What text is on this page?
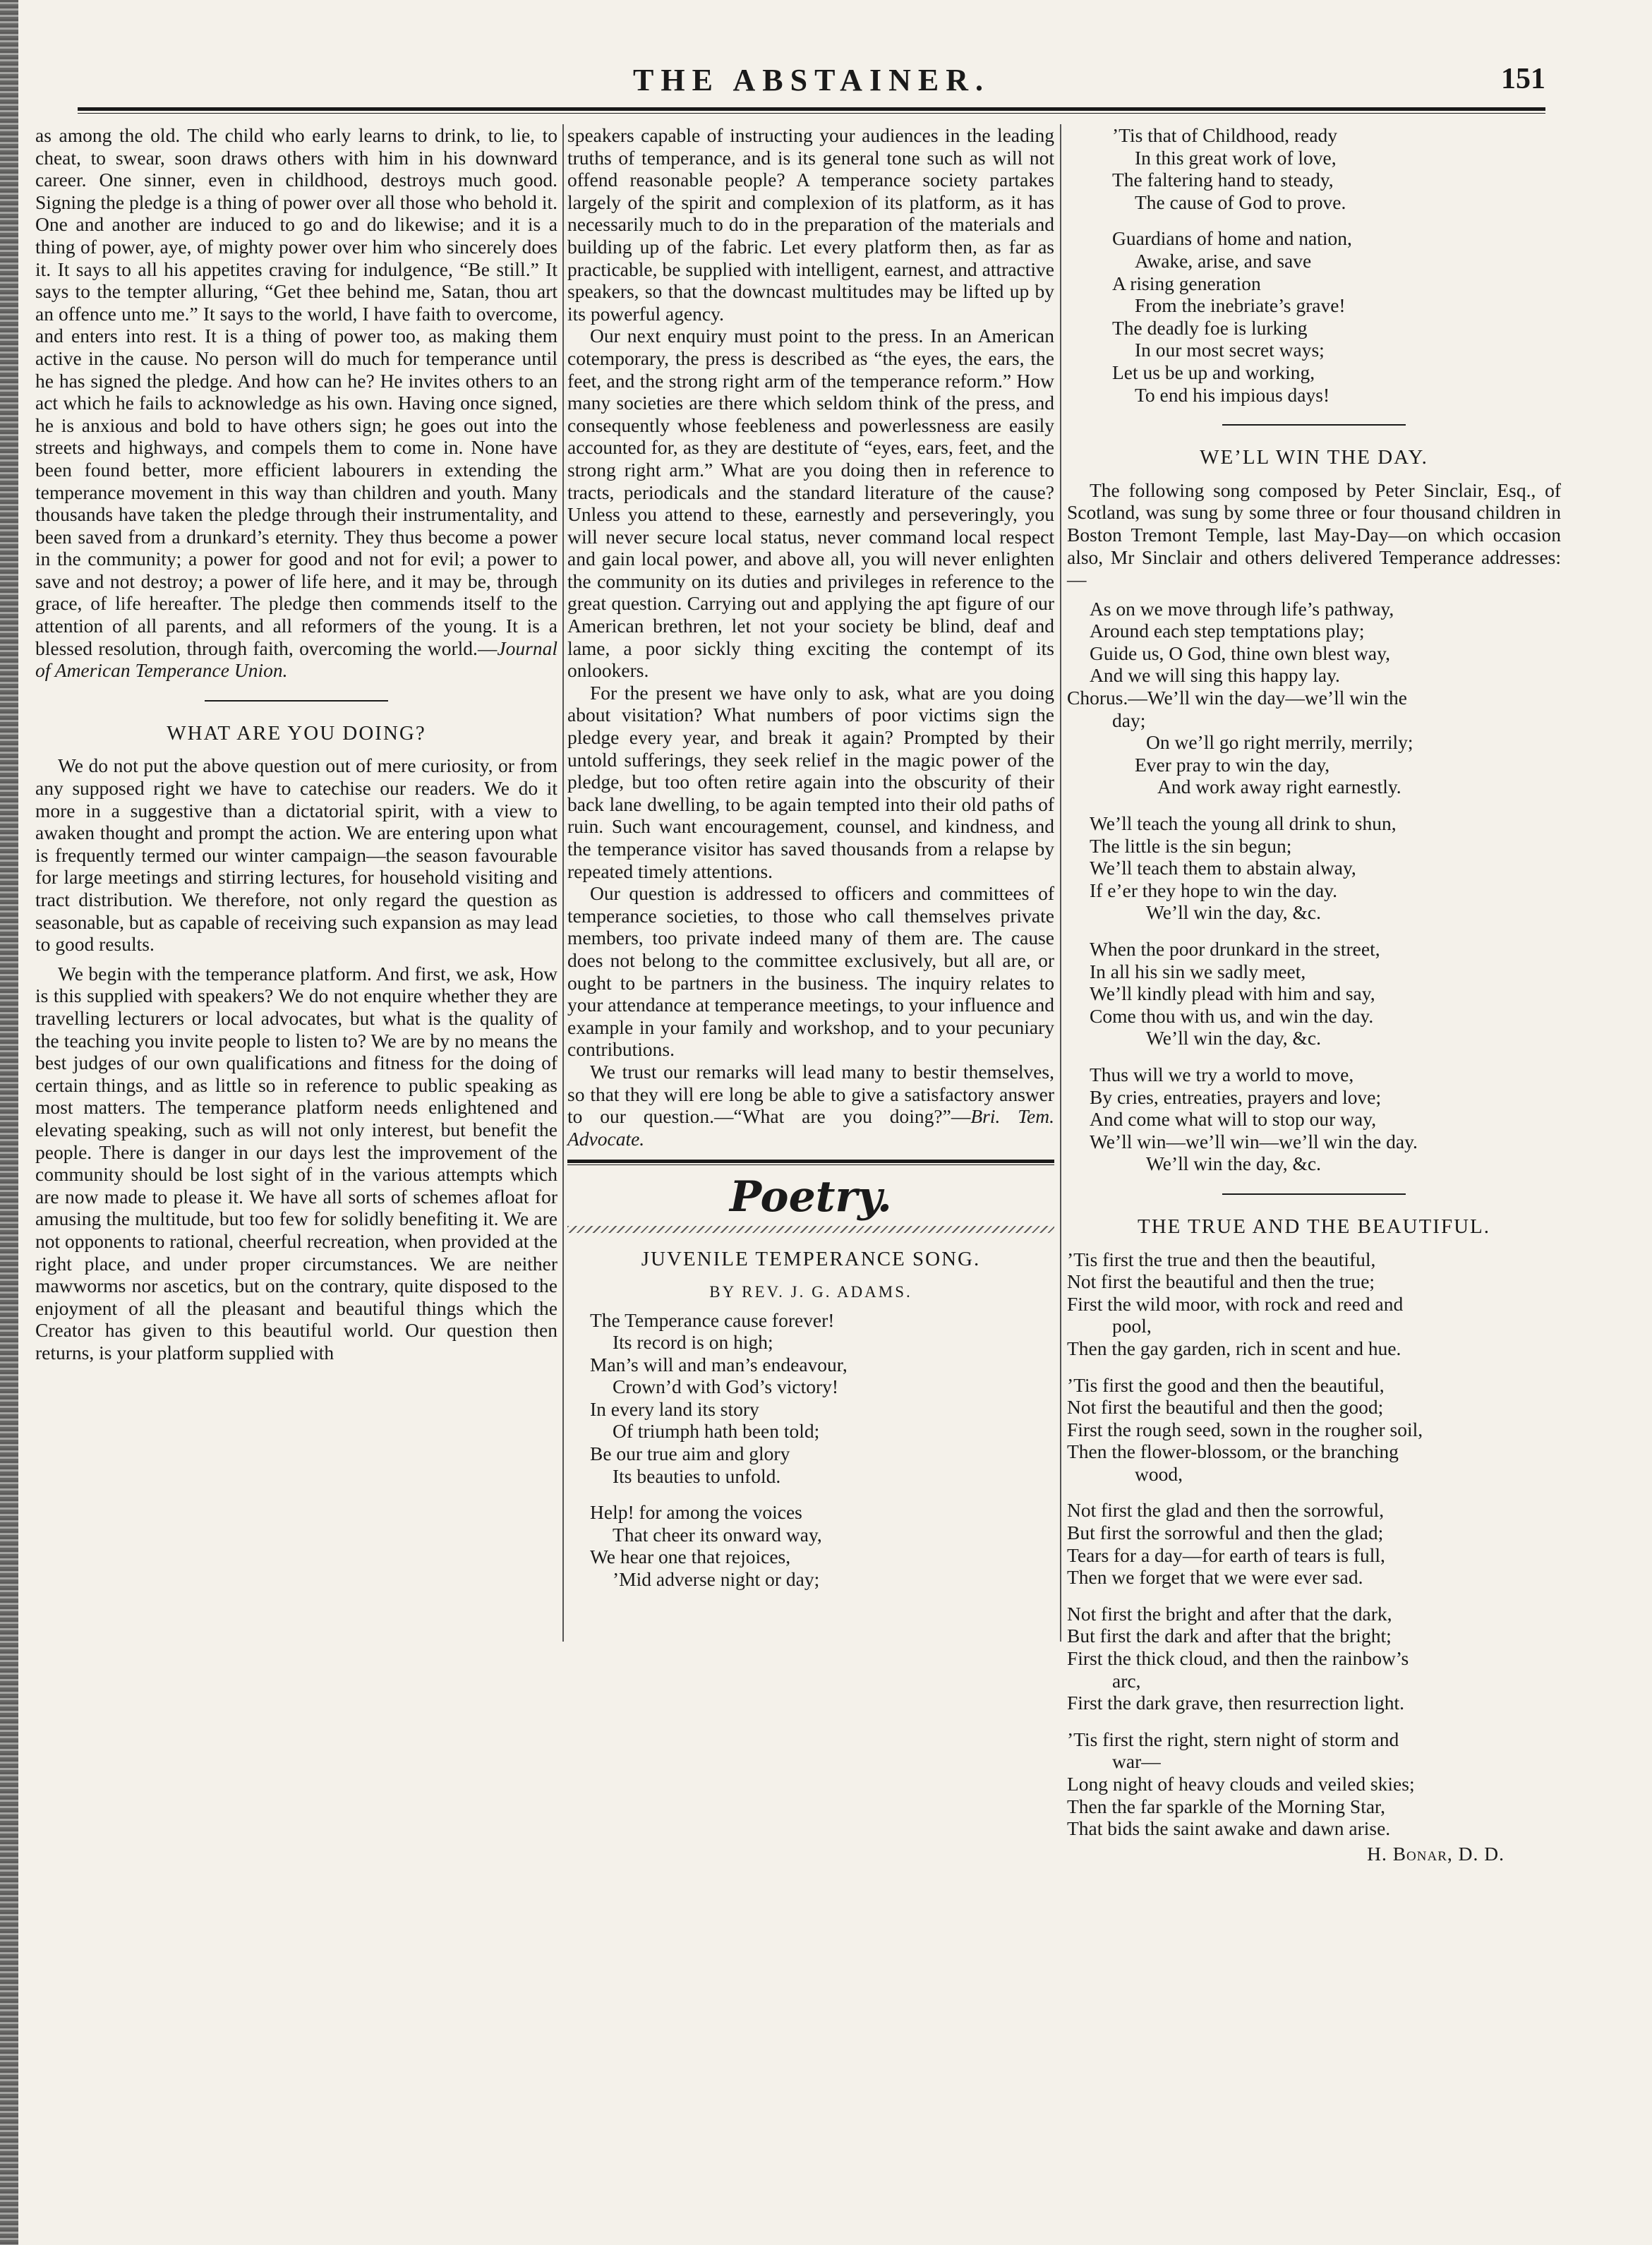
THE ABSTAINER.	151

as among the old. The child who early learns to drink, to lie, to cheat, to swear, soon draws others with him in his downward career. One sinner, even in childhood, destroys much good. Signing the pledge is a thing of power over all those who behold it. One and another are induced to go and do likewise; and it is a thing of power, aye, of mighty power over him who sincerely does it. It says to all his appetites craving for indulgence, “Be still.” It says to the tempter alluring, “Get thee behind me, Satan, thou art an offence unto me.” It says to the world, I have faith to overcome, and enters into rest. It is a thing of power too, as making them active in the cause. No person will do much for temperance until he has signed the pledge. And how can he? He invites others to an act which he fails to acknowledge as his own. Having once signed, he is anxious and bold to have others sign; he goes out into the streets and highways, and compels them to come in. None have been found better, more efficient labourers in extending the temperance movement in this way than children and youth. Many thousands have taken the pledge through their instrumentality, and been saved from a drunkard’s eternity. They thus become a power in the community; a power for good and not for evil; a power to save and not destroy; a power of life here, and it may be, through grace, of life hereafter. The pledge then commends itself to the attention of all parents, and all reformers of the young. It is a blessed resolution, through faith, overcoming the world.—Journal of American Temperance Union.

WHAT ARE YOU DOING?

We do not put the above question out of mere curiosity, or from any supposed right we have to catechise our readers. We do it more in a suggestive than a dictatorial spirit, with a view to awaken thought and prompt the action. We are entering upon what is frequently termed our winter campaign—the season favourable for large meetings and stirring lectures, for household visiting and tract distribution. We therefore, not only regard the question as seasonable, but as capable of receiving such expansion as may lead to good results.

We begin with the temperance platform. And first, we ask, How is this supplied with speakers? We do not enquire whether they are travelling lecturers or local advocates, but what is the quality of the teaching you invite people to listen to? We are by no means the best judges of our own qualifications and fitness for the doing of certain things, and as little so in reference to public speaking as most matters. The temperance platform needs enlightened and elevating speaking, such as will not only interest, but benefit the people. There is danger in our days lest the improvement of the community should be lost sight of in the various attempts which are now made to please it. We have all sorts of schemes afloat for amusing the multitude, but too few for solidly benefiting it. We are not opponents to rational, cheerful recreation, when provided at the right place, and under proper circumstances. We are neither mawworms nor ascetics, but on the contrary, quite disposed to the enjoyment of all the pleasant and beautiful things which the Creator has given to this beautiful world. Our question then returns, is your platform supplied with

speakers capable of instructing your audiences in the leading truths of temperance, and is its general tone such as will not offend reasonable people? A temperance society partakes largely of the spirit and complexion of its platform, as it has necessarily much to do in the preparation of the materials and building up of the fabric. Let every platform then, as far as practicable, be supplied with intelligent, earnest, and attractive speakers, so that the downcast multitudes may be lifted up by its powerful agency.

Our next enquiry must point to the press. In an American cotemporary, the press is described as “the eyes, the ears, the feet, and the strong right arm of the temperance reform.” How many societies are there which seldom think of the press, and consequently whose feebleness and powerlessness are easily accounted for, as they are destitute of “eyes, ears, feet, and the strong right arm.” What are you doing then in reference to tracts, periodicals and the standard literature of the cause? Unless you attend to these, earnestly and perseveringly, you will never secure local status, never command local respect and gain local power, and above all, you will never enlighten the community on its duties and privileges in reference to the great question. Carrying out and applying the apt figure of our American brethren, let not your society be blind, deaf and lame, a poor sickly thing exciting the contempt of its onlookers.

For the present we have only to ask, what are you doing about visitation? What numbers of poor victims sign the pledge every year, and break it again? Prompted by their untold sufferings, they seek relief in the magic power of the pledge, but too often retire again into the obscurity of their back lane dwelling, to be again tempted into their old paths of ruin. Such want encouragement, counsel, and kindness, and the temperance visitor has saved thousands from a relapse by repeated timely attentions.

Our question is addressed to officers and committees of temperance societies, to those who call themselves private members, too private indeed many of them are. The cause does not belong to the committee exclusively, but all are, or ought to be partners in the business. The inquiry relates to your attendance at temperance meetings, to your influence and example in your family and workshop, and to your pecuniary contributions.

We trust our remarks will lead many to bestir themselves, so that they will ere long be able to give a satisfactory answer to our question.—“What are you doing?”—Bri. Tem. Advocate.

Poetry.
JUVENILE TEMPERANCE SONG.
BY REV. J. G. ADAMS.
The Temperance cause forever!
Its record is on high;
Man’s will and man’s endeavour,
Crown’d with God’s victory!
In every land its story
Of triumph hath been told;
Be our true aim and glory
Its beauties to unfold.
Help! for among the voices
That cheer its onward way,
We hear one that rejoices,
’Mid adverse night or day;
’Tis that of Childhood, ready
In this great work of love,
The faltering hand to steady,
The cause of God to prove.
Guardians of home and nation,
Awake, arise, and save
A rising generation
From the inebriate’s grave!
The deadly foe is lurking
In our most secret ways;
Let us be up and working,
To end his impious days!
WE’LL WIN THE DAY.

The following song composed by Peter Sinclair, Esq., of Scotland, was sung by some three or four thousand children in Boston Tremont Temple, last May-Day—on which occasion also, Mr Sinclair and others delivered Temperance addresses:—

As on we move through life’s pathway,
Around each step temptations play;
Guide us, O God, thine own blest way,
And we will sing this happy lay.
Chorus.—We’ll win the day—we’ll win the
day;
On we’ll go right merrily, merrily;
Ever pray to win the day,
And work away right earnestly.
We’ll teach the young all drink to shun,
The little is the sin begun;
We’ll teach them to abstain alway,
If e’er they hope to win the day.
We’ll win the day, &c.
When the poor drunkard in the street,
In all his sin we sadly meet,
We’ll kindly plead with him and say,
Come thou with us, and win the day.
We’ll win the day, &c.
Thus will we try a world to move,
By cries, entreaties, prayers and love;
And come what will to stop our way,
We’ll win—we’ll win—we’ll win the day.
We’ll win the day, &c.
THE TRUE AND THE BEAUTIFUL.
’Tis first the true and then the beautiful,
Not first the beautiful and then the true;
First the wild moor, with rock and reed and
pool,
Then the gay garden, rich in scent and hue.
’Tis first the good and then the beautiful,
Not first the beautiful and then the good;
First the rough seed, sown in the rougher soil,
Then the flower-blossom, or the branching
wood,
Not first the glad and then the sorrowful,
But first the sorrowful and then the glad;
Tears for a day—for earth of tears is full,
Then we forget that we were ever sad.
Not first the bright and after that the dark,
But first the dark and after that the bright;
First the thick cloud, and then the rainbow’s
arc,
First the dark grave, then resurrection light.
’Tis first the right, stern night of storm and
war—
Long night of heavy clouds and veiled skies;
Then the far sparkle of the Morning Star,
That bids the saint awake and dawn arise.
H. Bonar, D. D.
